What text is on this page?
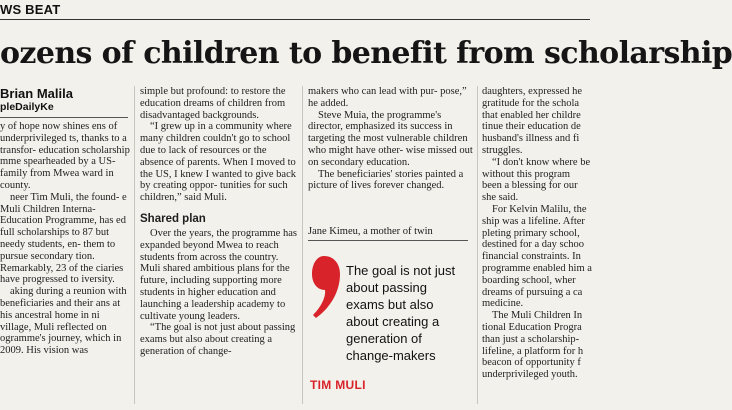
WS BEAT
ozens of children to benefit from scholarship
Brian Malila
pleDailyKe

y of hope now shines ens of underprivileged ts, thanks to a transfor- education scholarship mme spearheaded by a US- family from Mwea ward in county.

neer Tim Muli, the found- e Muli Children Interna- Education Programme, has ed full scholarships to 87 but needy students, en- them to pursue secondary tion. Remarkably, 23 of the ciaries have progressed to iversity.

aking during a reunion with beneficiaries and their ans at his ancestral home in ni village, Muli reflected on ogramme's journey, which in 2009. His vision was

simple but profound: to restore the education dreams of children from disadvantaged backgrounds.

“I grew up in a community where many children couldn't go to school due to lack of resources or the absence of parents. When I moved to the US, I knew I wanted to give back by creating oppor- tunities for such children,” said Muli.

Shared plan

Over the years, the programme has expanded beyond Mwea to reach students from across the country. Muli shared ambitious plans for the future, including supporting more students in higher education and launching a leadership academy to cultivate young leaders.

“The goal is not just about passing exams but also about creating a generation of change-

makers who can lead with pur- pose,” he added.

Steve Muia, the programme's director, emphasized its success in targeting the most vulnerable children who might have other- wise missed out on secondary education.

The beneficiaries' stories painted a picture of lives forever changed.

Jane Kimeu, a mother of twin
The goal is not just about passing exams but also about creating a generation of change-makers
TIM MULI

daughters, expressed he gratitude for the schola that enabled her childre tinue their education de husband's illness and fi struggles.

“I don't know where be without this program been a blessing for our she said.

For Kelvin Malilu, the ship was a lifeline. After pleting primary school, destined for a day schoo financial constraints. In programme enabled him a boarding school, wher dreams of pursuing a ca medicine.

The Muli Children In tional Education Progra than just a scholarship- lifeline, a platform for h beacon of opportunity f underprivileged youth.
